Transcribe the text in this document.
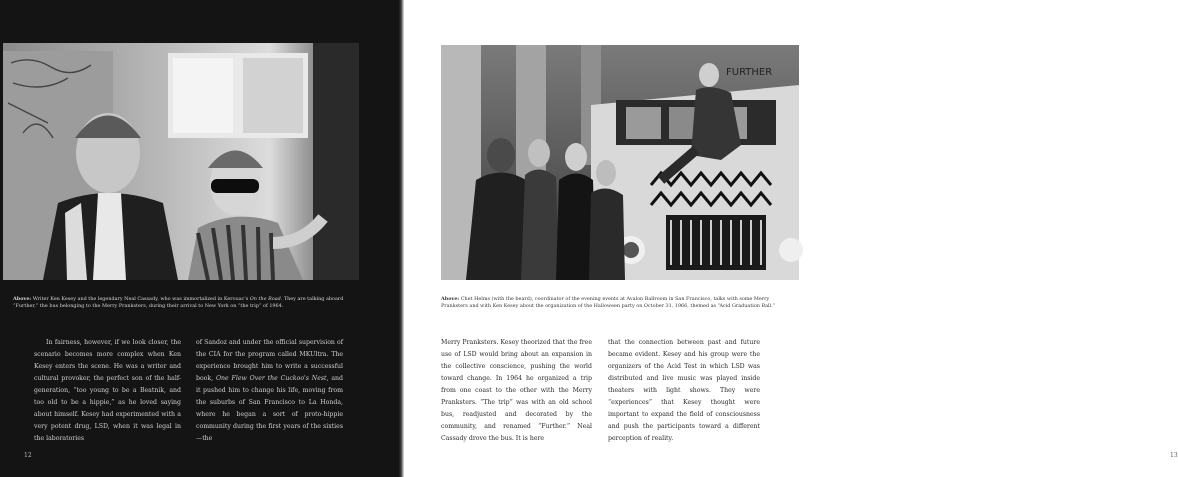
Above: Writer Ken Kesey and the legendary Neal Cassady, who was immortalized in Kerouac's On the Road. They are talking aboard “Further,” the bus belonging to the Merry Pranksters, during their arrival to New York on “the trip” of 1964.

In fairness, however, if we look closer, the scenario becomes more complex when Ken Kesey enters the scene. He was a writer and cultural provoker, the perfect son of the half-generation, “too young to be a Beatnik, and too old to be a hippie,” as he loved saying about himself. Kesey had experimented with a very potent drug, LSD, when it was legal in the laboratories

of Sandoz and under the official supervision of the CIA for the program called MKUltra. The experience brought him to write a successful book, One Flew Over the Cuckoo's Nest, and it pushed him to change his life, moving from the suburbs of San Francisco to La Honda, where he began a sort of proto-hippie community during the first years of the sixties—the

12
FURTHER
Above: Chet Helms (with the beard), coordinator of the evening events at Avalon Ballroom in San Francisco, talks with some Merry Pranksters and with Ken Kesey about the organization of the Halloween party on October 31, 1966, themed as “Acid Graduation Ball.”

Merry Pranksters. Kesey theorized that the free use of LSD would bring about an expansion in the collective conscience, pushing the world toward change. In 1964 he organized a trip from one coast to the other with the Merry Pranksters. “The trip” was with an old school bus, readjusted and decorated by the community, and renamed “Further.” Neal Cassady drove the bus. It is here

that the connection between past and future became evident. Kesey and his group were the organizers of the Acid Test in which LSD was distributed and live music was played inside theaters with light shows. They were “experiences” that Kesey thought were important to expand the field of consciousness and push the participants toward a different perception of reality.

13
